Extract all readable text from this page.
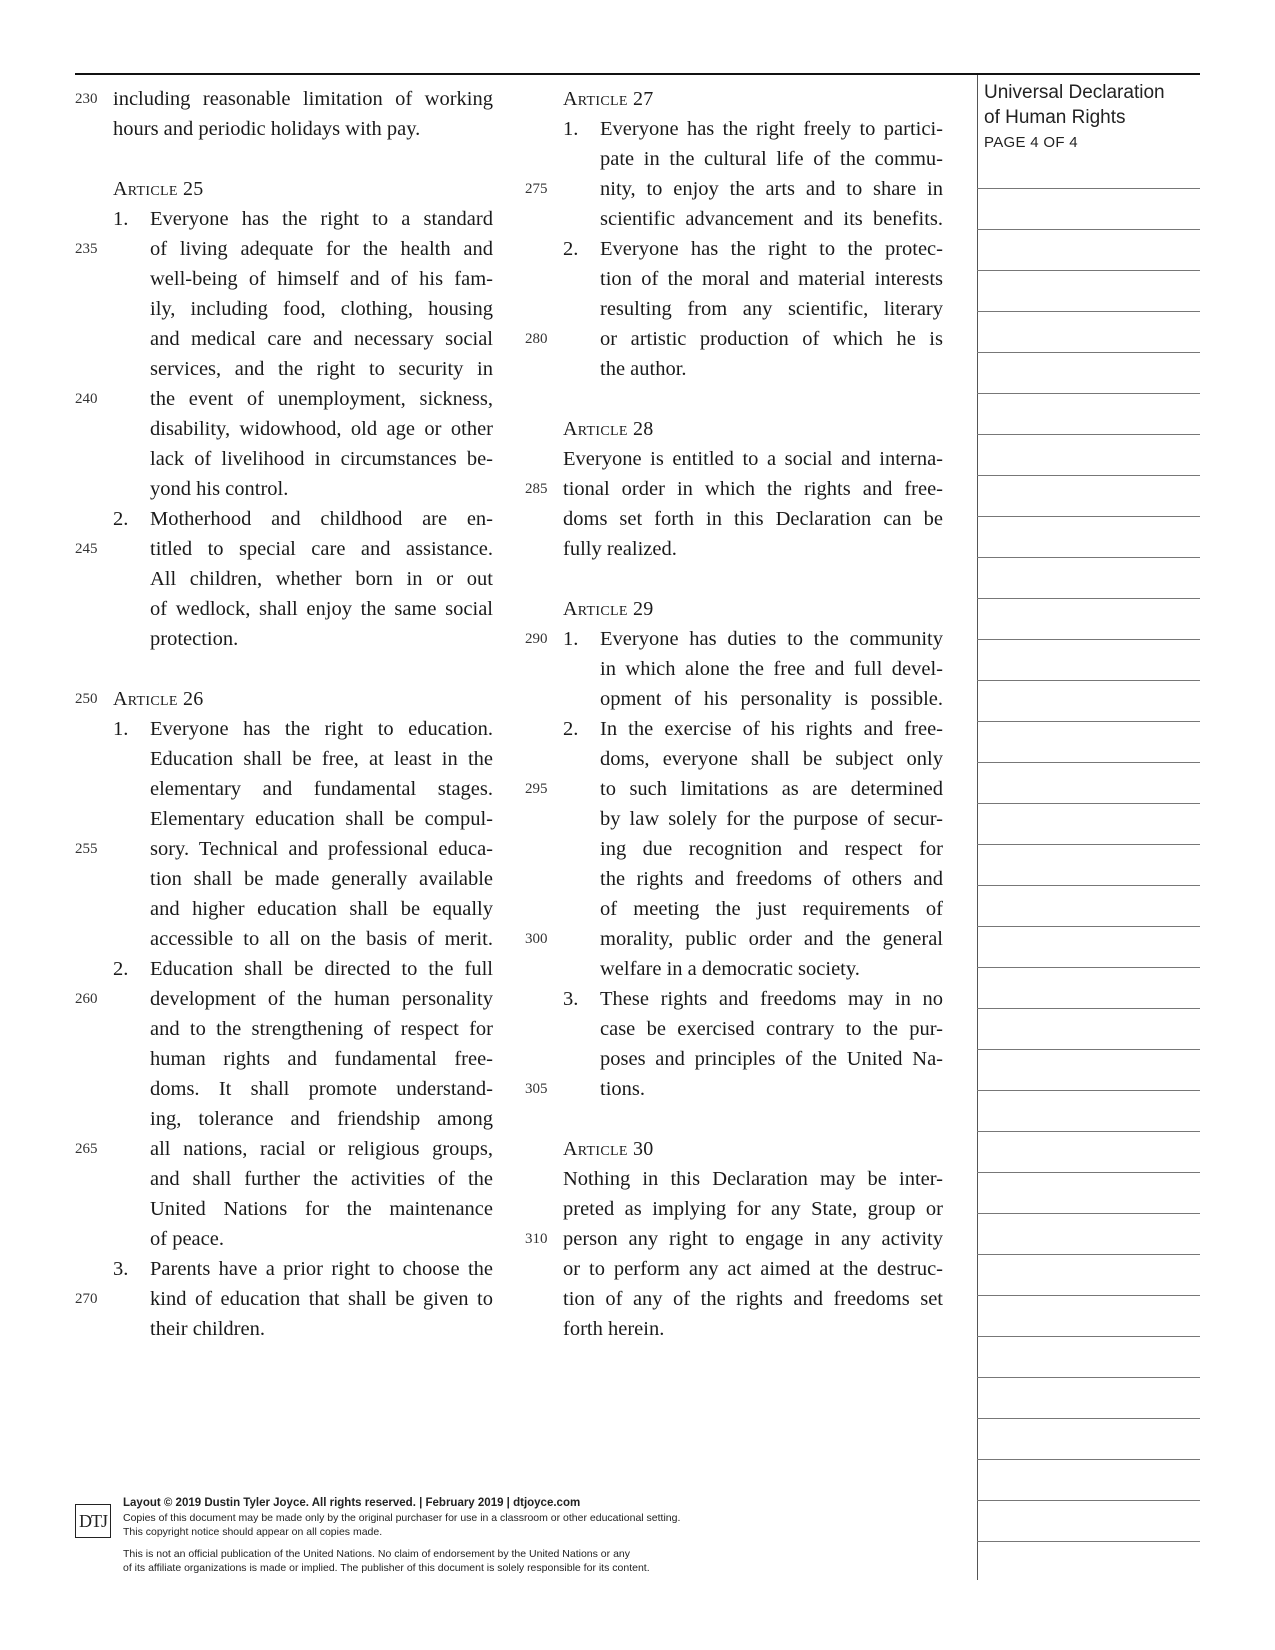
230 including reasonable limitation of working
hours and periodic holidays with pay.
Article 25
1.	Everyone has the right to a standard
235	of living adequate for the health and
well-being of himself and of his fam-
ily, including food, clothing, housing
and medical care and necessary social
services, and the right to security in
240	the event of unemployment, sickness,
disability, widowhood, old age or other
lack of livelihood in circumstances be-
yond his control.
2.	Motherhood and childhood are en-
245	titled to special care and assistance.
All children, whether born in or out
of wedlock, shall enjoy the same social
protection.
250 Article 26
1.	Everyone has the right to education.
Education shall be free, at least in the
elementary and fundamental stages.
Elementary education shall be compul-
255	sory. Technical and professional educa-
tion shall be made generally available
and higher education shall be equally
accessible to all on the basis of merit.
2.	Education shall be directed to the full
260	development of the human personality
and to the strengthening of respect for
human rights and fundamental free-
doms. It shall promote understand-
ing, tolerance and friendship among
265	all nations, racial or religious groups,
and shall further the activities of the
United Nations for the maintenance
of peace.
3.	Parents have a prior right to choose the
270	kind of education that shall be given to
their children.
Article 27
1.	Everyone has the right freely to partici-
pate in the cultural life of the commu-
275	nity, to enjoy the arts and to share in
scientific advancement and its benefits.
2.	Everyone has the right to the protec-
tion of the moral and material interests
resulting from any scientific, literary
280	or artistic production of which he is
the author.
Article 28
Everyone is entitled to a social and interna-
285 tional order in which the rights and free-
doms set forth in this Declaration can be
fully realized.
Article 29
290 1.	Everyone has duties to the community
in which alone the free and full devel-
opment of his personality is possible.
2.	In the exercise of his rights and free-
doms, everyone shall be subject only
295	to such limitations as are determined
by law solely for the purpose of secur-
ing due recognition and respect for
the rights and freedoms of others and
of meeting the just requirements of
300	morality, public order and the general
welfare in a democratic society.
3.	These rights and freedoms may in no
case be exercised contrary to the pur-
poses and principles of the United Na-
305	tions.
Article 30
Nothing in this Declaration may be inter-
preted as implying for any State, group or
310 person any right to engage in any activity
or to perform any act aimed at the destruc-
tion of any of the rights and freedoms set
forth herein.
Universal Declaration
of Human Rights
PAGE 4 OF 4
DTJ
Layout © 2019 Dustin Tyler Joyce. All rights reserved. | February 2019 | dtjoyce.com
Copies of this document may be made only by the original purchaser for use in a classroom or other educational setting.
This copyright notice should appear on all copies made.
This is not an official publication of the United Nations. No claim of endorsement by the United Nations or any
of its affiliate organizations is made or implied. The publisher of this document is solely responsible for its content.
